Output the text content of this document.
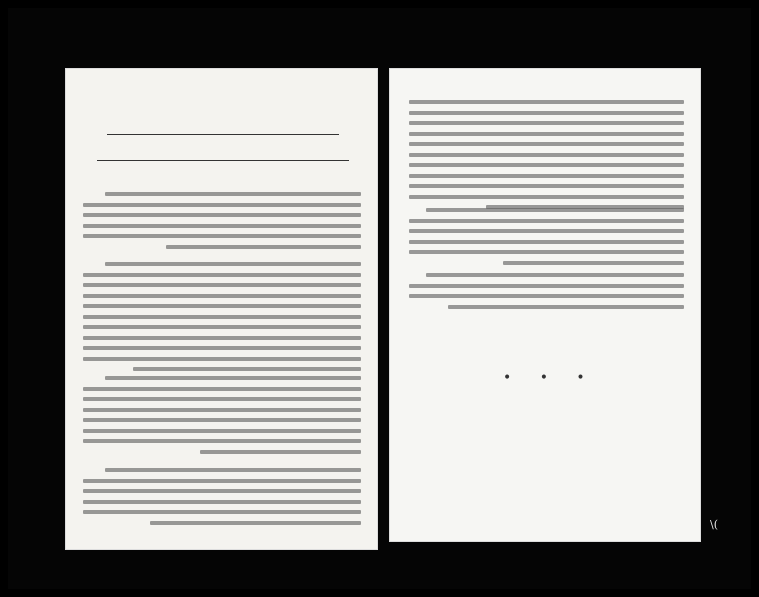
• • •
\(
